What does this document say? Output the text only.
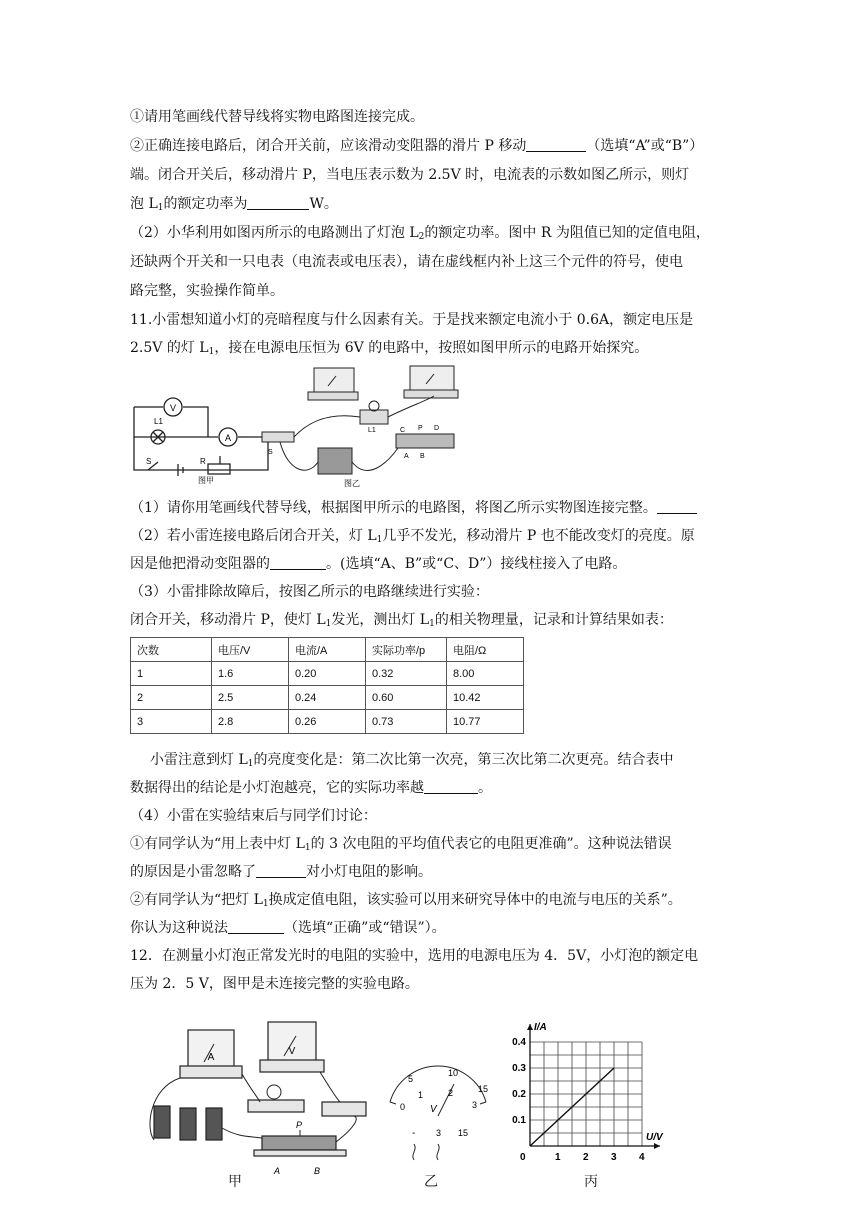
①请用笔画线代替导线将实物电路图连接完成。
②正确连接电路后，闭合开关前，应该滑动变阻器的滑片 P 移动	（选填“A”或“B”）
端。闭合开关后，移动滑片 P，当电压表示数为 2.5V 时，电流表的示数如图乙所示，则灯
泡 $L_1$的额定功率为	W。
（2）小华利用如图丙所示的电路测出了灯泡 $L_2$的额定功率。图中 R 为阻值已知的定值电阻，
还缺两个开关和一只电表（电流表或电压表），请在虚线框内补上这三个元件的符号，使电
路完整，实验操作简单。
11.小雷想知道小灯的亮暗程度与什么因素有关。于是找来额定电流小于 0.6A，额定电压是
2.5V 的灯 $L_1$，接在电源电压恒为 6V 的电路中，按照如图甲所示的电路开始探究。
V
L1
A
S	R
图甲
S
L1	C P D
A B
图乙
（1）请你用笔画线代替导线，根据图甲所示的电路图，将图乙所示实物图连接完整。
（2）若小雷连接电路后闭合开关，灯 $L_1$几乎不发光，移动滑片 P 也不能改变灯的亮度。原
因是他把滑动变阻器的	。(选填“A、B”或“C、D”）接线柱接入了电路。
（3）小雷排除故障后，按图乙所示的电路继续进行实验：
闭合开关，移动滑片 P，使灯 $L_1$发光，测出灯 $L_1$的相关物理量，记录和计算结果如表：
次数	电压/V	电流/A	实际功率/p	电阻/Ω
1	1.6	0.20	0.32	8.00
2	2.5	0.24	0.60	10.42
3	2.8	0.26	0.73	10.77
小雷注意到灯 $L_1$的亮度变化是：第二次比第一次亮，第三次比第二次更亮。结合表中
数据得出的结论是小灯泡越亮，它的实际功率越	。
（4）小雷在实验结束后与同学们讨论：
①有同学认为“用上表中灯 $L_1$的 3 次电阻的平均值代表它的电阻更准确”。这种说法错误
的原因是小雷忽略了	对小灯电阻的影响。
②有同学认为“把灯 $L_1$换成定值电阻，该实验可以用来研究导体中的电流与电压的关系”。
你认为这种说法	（选填“正确”或“错误”）。
12．在测量小灯泡正常发光时的电阻的实验中，选用的电源电压为 4．5V，小灯泡的额定电
压为 2．5 V，图甲是未连接完整的实验电路。
A
V
P
A	B
甲
0
1	2
3
5
10
15
V
- 3 15
乙
I/A
U/V
0	1 2 3 4
0.1
0.2
0.3
0.4
丙
